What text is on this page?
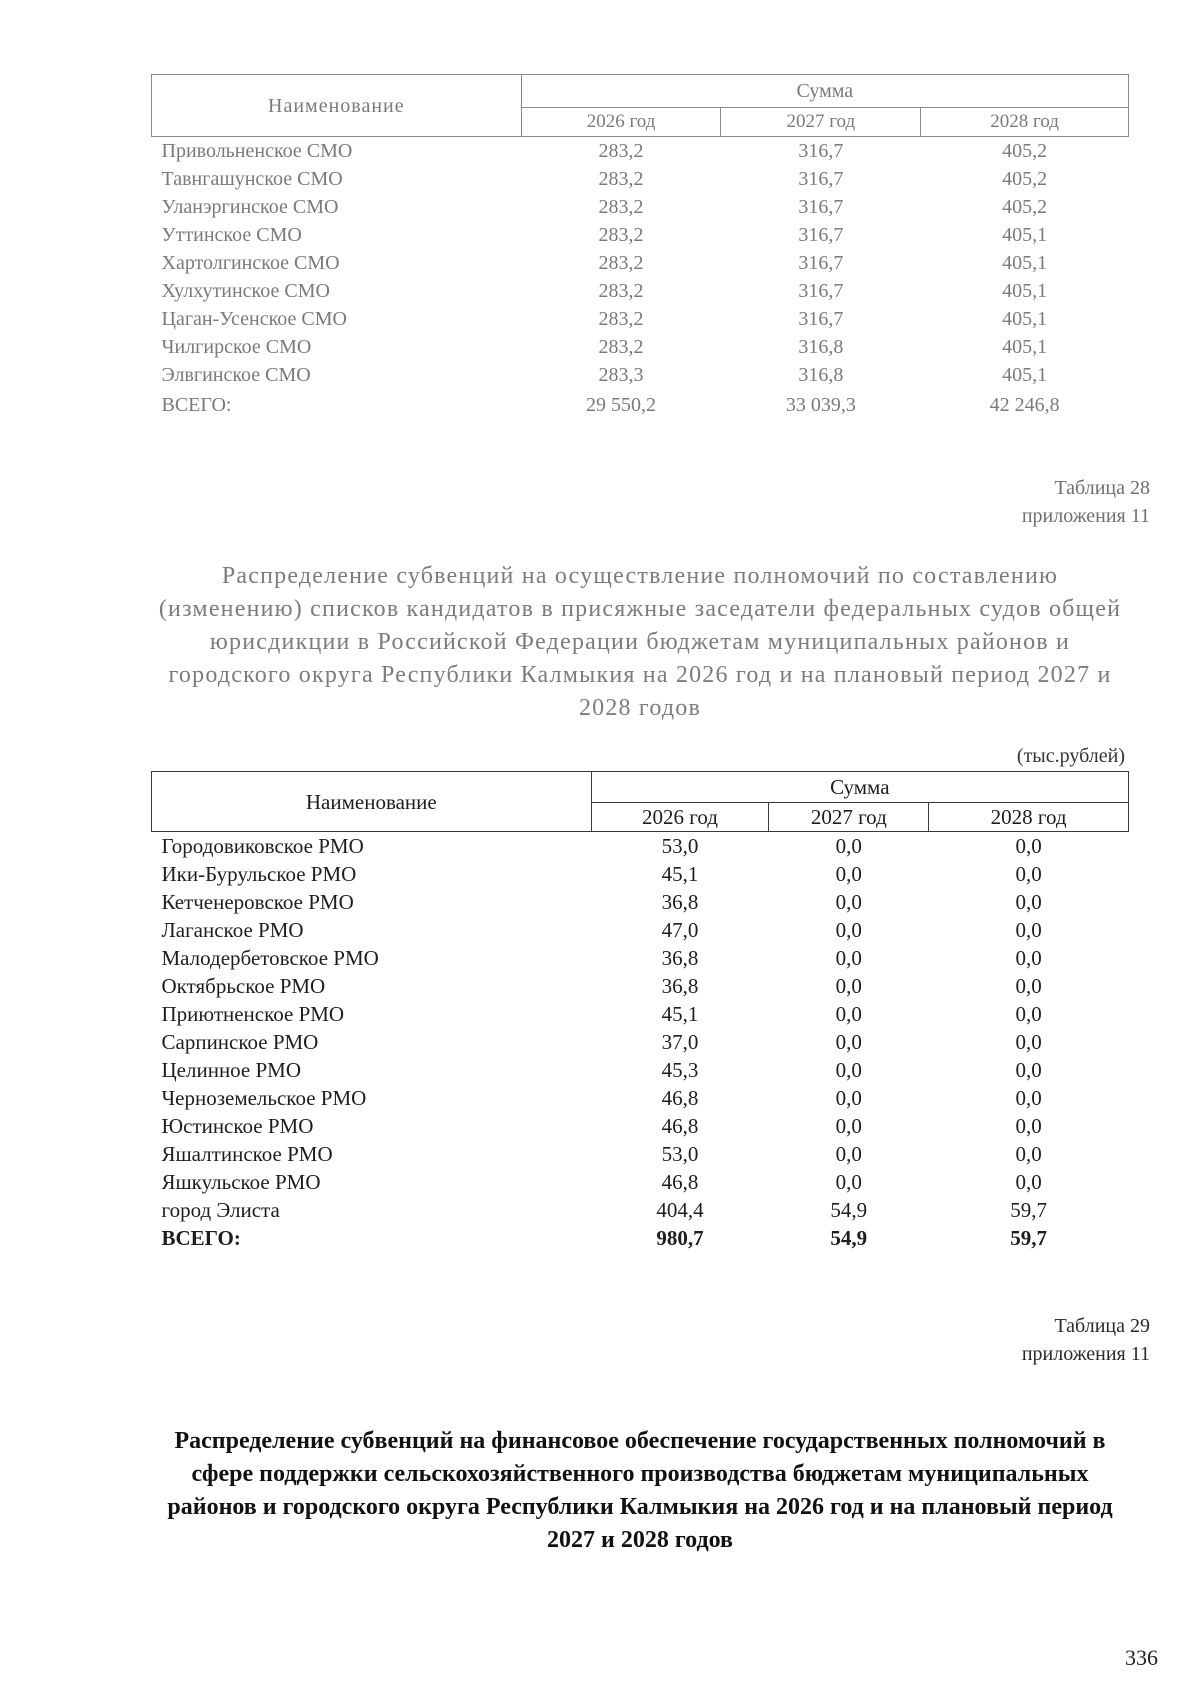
Наименование	Сумма		
	2026 год	2027 год	2028 год
Привольненское СМО	283,2	316,7	405,2
Тавнгашунское СМО	283,2	316,7	405,2
Уланэргинское СМО	283,2	316,7	405,2
Уттинское СМО	283,2	316,7	405,1
Хартолгинское СМО	283,2	316,7	405,1
Хулхутинское СМО	283,2	316,7	405,1
Цаган-Усенское СМО	283,2	316,7	405,1
Чилгирское СМО	283,2	316,8	405,1
Элвгинское СМО	283,3	316,8	405,1
ВСЕГО:	29 550,2	33 039,3	42 246,8
Таблица 28
приложения 11
Распределение субвенций на осуществление полномочий по составлению (изменению) списков кандидатов в присяжные заседатели федеральных судов общей юрисдикции в Российской Федерации бюджетам муниципальных районов и городского округа Республики Калмыкия на 2026 год и на плановый период 2027 и 2028 годов
(тыс.рублей)
Наименование	Сумма		
	2026 год	2027 год	2028 год
Городовиковское РМО	53,0	0,0	0,0
Ики-Бурульское РМО	45,1	0,0	0,0
Кетченеровское РМО	36,8	0,0	0,0
Лаганское РМО	47,0	0,0	0,0
Малодербетовское РМО	36,8	0,0	0,0
Октябрьское РМО	36,8	0,0	0,0
Приютненское РМО	45,1	0,0	0,0
Сарпинское РМО	37,0	0,0	0,0
Целинное РМО	45,3	0,0	0,0
Черноземельское РМО	46,8	0,0	0,0
Юстинское РМО	46,8	0,0	0,0
Яшалтинское РМО	53,0	0,0	0,0
Яшкульское РМО	46,8	0,0	0,0
город Элиста	404,4	54,9	59,7
ВСЕГО:	980,7	54,9	59,7
Таблица 29
приложения 11
Распределение субвенций на финансовое обеспечение государственных полномочий в сфере поддержки сельскохозяйственного производства бюджетам муниципальных районов и городского округа Республики Калмыкия на 2026 год и на плановый период 2027 и 2028 годов
336
